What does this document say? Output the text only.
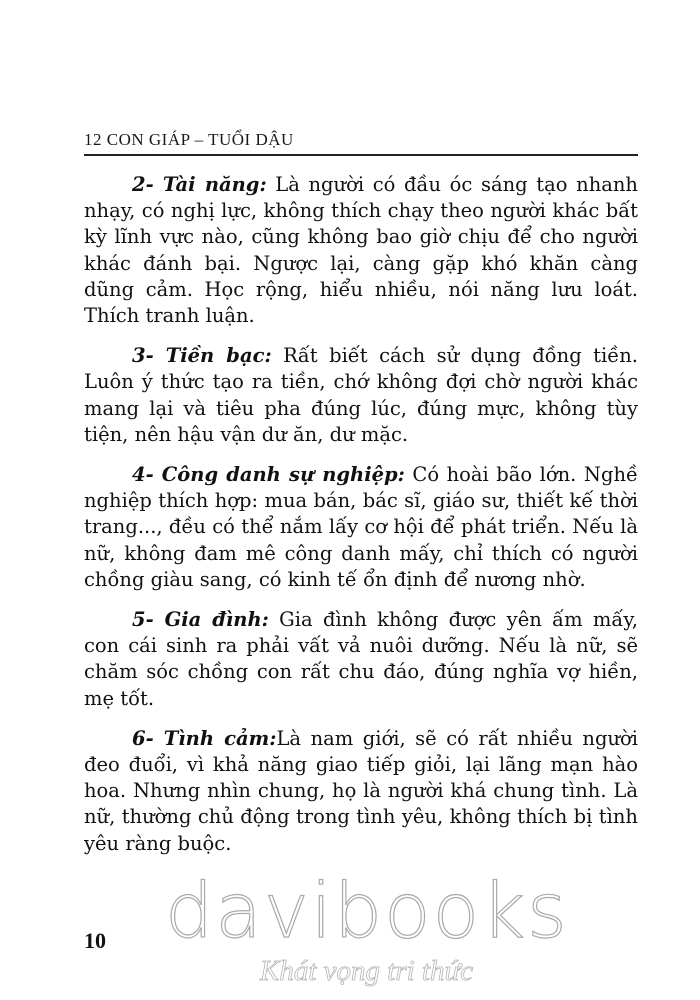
12 CON GIÁP – TUỔI DẬU

2- Tài năng: Là người có đầu óc sáng tạo nhanh nhạy, có nghị lực, không thích chạy theo người khác bất kỳ lĩnh vực nào, cũng không bao giờ chịu để cho người khác đánh bại. Ngược lại, càng gặp khó khăn càng dũng cảm. Học rộng, hiểu nhiều, nói năng lưu loát. Thích tranh luận.

3- Tiền bạc: Rất biết cách sử dụng đồng tiền. Luôn ý thức tạo ra tiền, chớ không đợi chờ người khác mang lại và tiêu pha đúng lúc, đúng mực, không tùy tiện, nên hậu vận dư ăn, dư mặc.

4- Công danh sự nghiệp: Có hoài bão lớn. Nghề nghiệp thích hợp: mua bán, bác sĩ, giáo sư, thiết kế thời trang..., đều có thể nắm lấy cơ hội để phát triển. Nếu là nữ, không đam mê công danh mấy, chỉ thích có người chồng giàu sang, có kinh tế ổn định để nương nhờ.

5- Gia đình: Gia đình không được yên ấm mấy, con cái sinh ra phải vất vả nuôi dưỡng. Nếu là nữ, sẽ chăm sóc chồng con rất chu đáo, đúng nghĩa vợ hiền, mẹ tốt.

6- Tình cảm:Là nam giới, sẽ có rất nhiều người đeo đuổi, vì khả năng giao tiếp giỏi, lại lãng mạn hào hoa. Nhưng nhìn chung, họ là người khá chung tình. Là nữ, thường chủ động trong tình yêu, không thích bị tình yêu ràng buộc.

10 davibooks
Khát vọng tri thức
